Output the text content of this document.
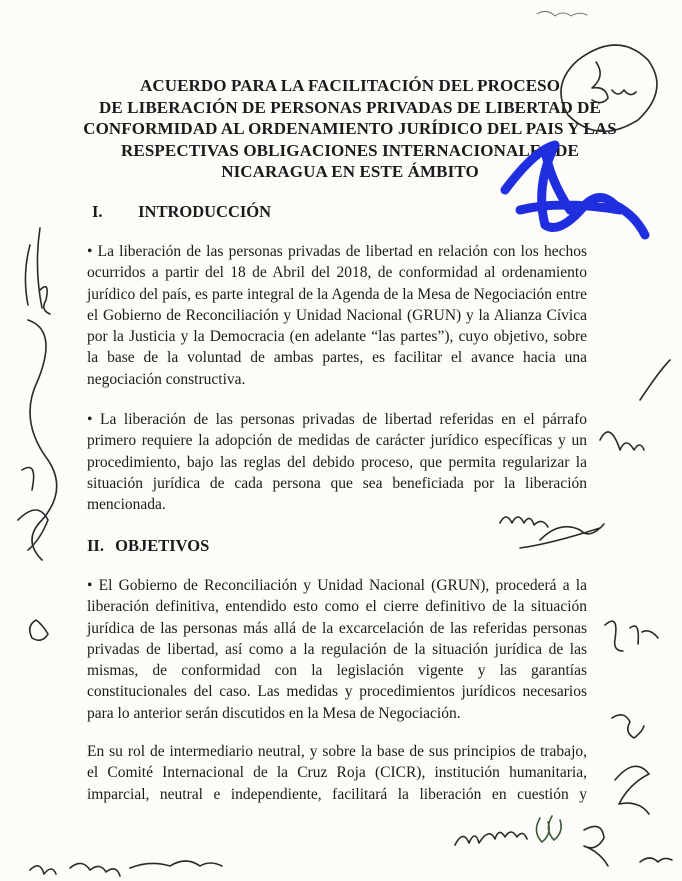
ACUERDO PARA LA FACILITACIÓN DEL PROCESO
DE LIBERACIÓN DE PERSONAS PRIVADAS DE LIBERTAD DE
CONFORMIDAD AL ORDENAMIENTO JURÍDICO DEL PAIS Y LAS
RESPECTIVAS OBLIGACIONES INTERNACIONALES DE
NICARAGUA EN ESTE ÁMBITO
I. INTRODUCCIÓN
• La liberación de las personas privadas de libertad en relación con los hechos
ocurridos a partir del 18 de Abril del 2018, de conformidad al ordenamiento
jurídico del país, es parte integral de la Agenda de la Mesa de Negociación entre
el Gobierno de Reconciliación y Unidad Nacional (GRUN) y la Alianza Cívica
por la Justicia y la Democracia (en adelante “las partes”), cuyo objetivo, sobre
la base de la voluntad de ambas partes, es facilitar el avance hacia una
negociación constructiva.
• La liberación de las personas privadas de libertad referidas en el párrafo
primero requiere la adopción de medidas de carácter jurídico específicas y un
procedimiento, bajo las reglas del debido proceso, que permita regularizar la
situación jurídica de cada persona que sea beneficiada por la liberación
mencionada.
II. OBJETIVOS
• El Gobierno de Reconciliación y Unidad Nacional (GRUN), procederá a la
liberación definitiva, entendido esto como el cierre definitivo de la situación
jurídica de las personas más allá de la excarcelación de las referidas personas
privadas de libertad, así como a la regulación de la situación jurídica de las
mismas, de conformidad con la legislación vigente y las garantías
constitucionales del caso. Las medidas y procedimientos jurídicos necesarios
para lo anterior serán discutidos en la Mesa de Negociación.
En su rol de intermediario neutral, y sobre la base de sus principios de trabajo,
el Comité Internacional de la Cruz Roja (CICR), institución humanitaria,
imparcial, neutral e independiente, facilitará la liberación en cuestión y
